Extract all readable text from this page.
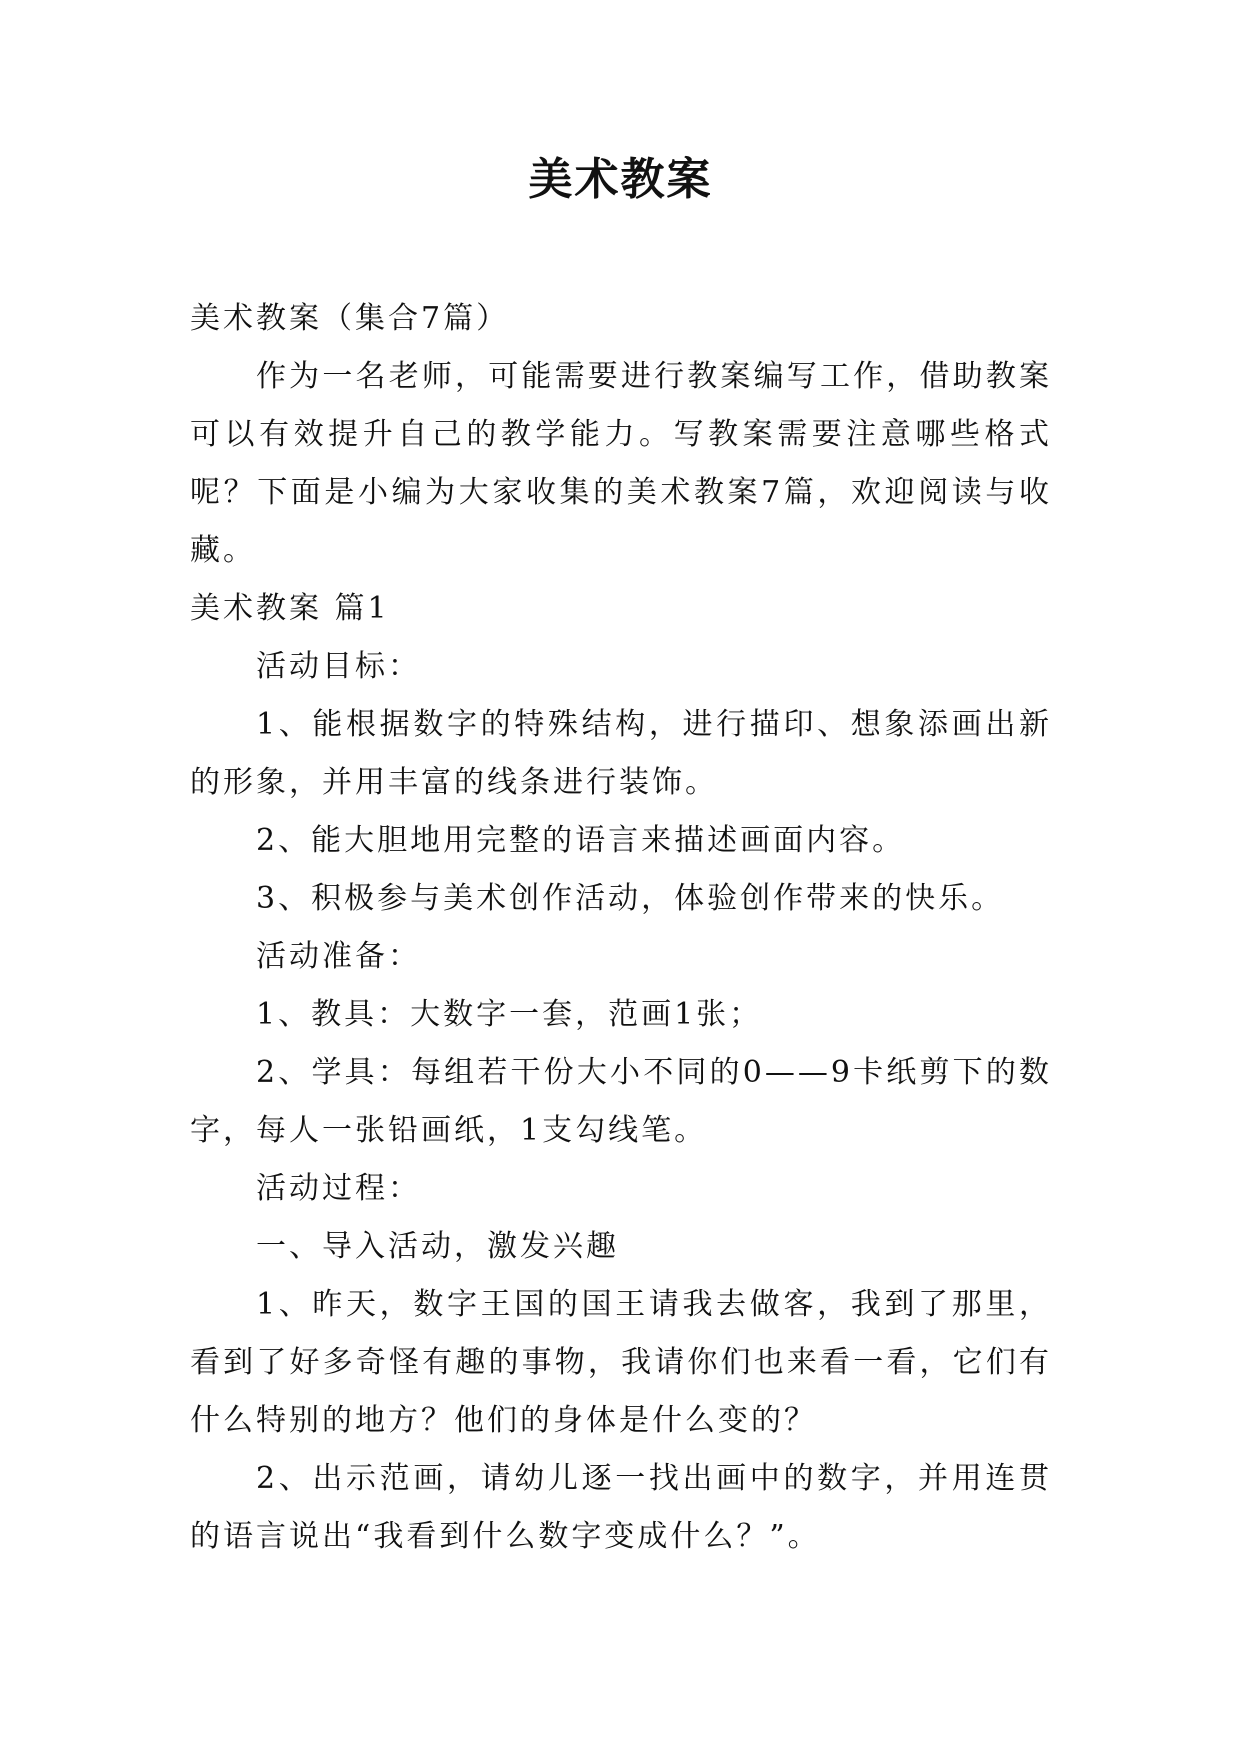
美术教案

美术教案（集合7篇）

作为一名老师，可能需要进行教案编写工作，借助教案可以有效提升自己的教学能力。写教案需要注意哪些格式呢？下面是小编为大家收集的美术教案7篇，欢迎阅读与收藏。

美术教案 篇1

活动目标：

1、能根据数字的特殊结构，进行描印、想象添画出新的形象，并用丰富的线条进行装饰。

2、能大胆地用完整的语言来描述画面内容。

3、积极参与美术创作活动，体验创作带来的快乐。

活动准备：

1、教具：大数字一套，范画1张；

2、学具：每组若干份大小不同的0——9卡纸剪下的数字，每人一张铅画纸，1支勾线笔。

活动过程：

一、导入活动，激发兴趣

1、昨天，数字王国的国王请我去做客，我到了那里，看到了好多奇怪有趣的事物，我请你们也来看一看，它们有什么特别的地方？他们的身体是什么变的？

2、出示范画，请幼儿逐一找出画中的数字，并用连贯的语言说出“我看到什么数字变成什么？”。
